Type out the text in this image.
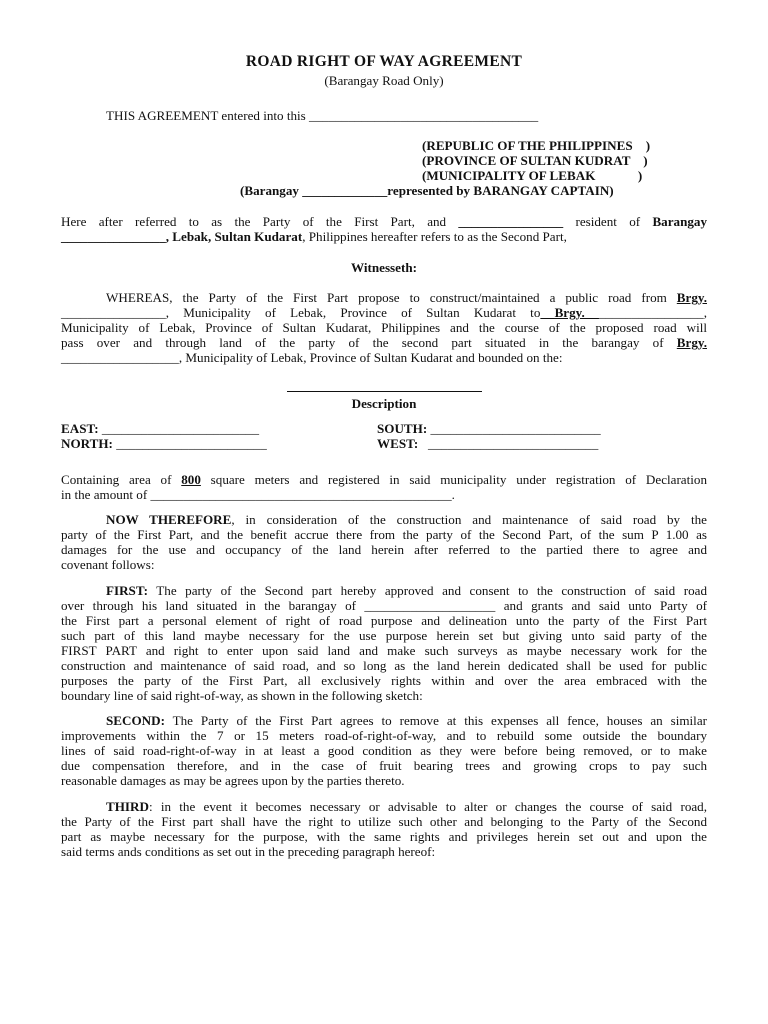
ROAD RIGHT OF WAY AGREEMENT
(Barangay Road Only)
THIS AGREEMENT entered into this ___________________________________
(REPUBLIC OF THE PHILIPPINES    )
(PROVINCE OF SULTAN KUDRAT    )
(MUNICIPALITY OF LEBAK             )
(Barangay _____________represented by BARANGAY CAPTAIN)
Here after referred to as the Party of the First Part, and ________________ resident of Barangay
________________, Lebak, Sultan Kudarat, Philippines hereafter refers to as the Second Part,
Witnesseth:
WHEREAS, the Party of the First Part propose to construct/maintained a public road from Brgy.
________________, Municipality of Lebak, Province of Sultan Kudarat to Brgy. ________________,
Municipality of Lebak, Province of Sultan Kudarat, Philippines and the course of the proposed road will
pass over and through land of the party of the second part situated in the barangay of Brgy.
__________________, Municipality of Lebak, Province of Sultan Kudarat and bounded on the:
Description
EAST: ________________________	SOUTH: __________________________
NORTH: _______________________	WEST:   __________________________
Containing area of 800 square meters and registered in said municipality under registration of Declaration
in the amount of ______________________________________________.
NOW THEREFORE, in consideration of the construction and maintenance of said road by the
party of the First Part, and the benefit accrue there from the party of the Second Part, of the sum P 1.00 as
damages for the use and occupancy of the land herein after referred to the partied there to agree and
covenant follows:
FIRST: The party of the Second part hereby approved and consent to the construction of said road
over through his land situated in the barangay of ____________________ and grants and said unto Party of
the First part a personal element of right of road purpose and delineation unto the party of the First Part
such part of this land maybe necessary for the use purpose herein set but giving unto said party of the
FIRST PART and right to enter upon said land and make such surveys as maybe necessary work for the
construction and maintenance of said road, and so long as the land herein dedicated shall be used for public
purposes the party of the First Part, all exclusively rights within and over the area embraced with the
boundary line of said right-of-way, as shown in the following sketch:
SECOND: The Party of the First Part agrees to remove at this expenses all fence, houses an similar
improvements within the 7 or 15 meters road-of-right-of-way, and to rebuild some outside the boundary
lines of said road-right-of-way in at least a good condition as they were before being removed, or to make
due compensation therefore, and in the case of fruit bearing trees and growing crops to pay such
reasonable damages as may be agrees upon by the parties thereto.
THIRD: in the event it becomes necessary or advisable to alter or changes the course of said road,
the Party of the First part shall have the right to utilize such other and belonging to the Party of the Second
part as maybe necessary for the purpose, with the same rights and privileges herein set out and upon the
said terms ands conditions as set out in the preceding paragraph hereof:
